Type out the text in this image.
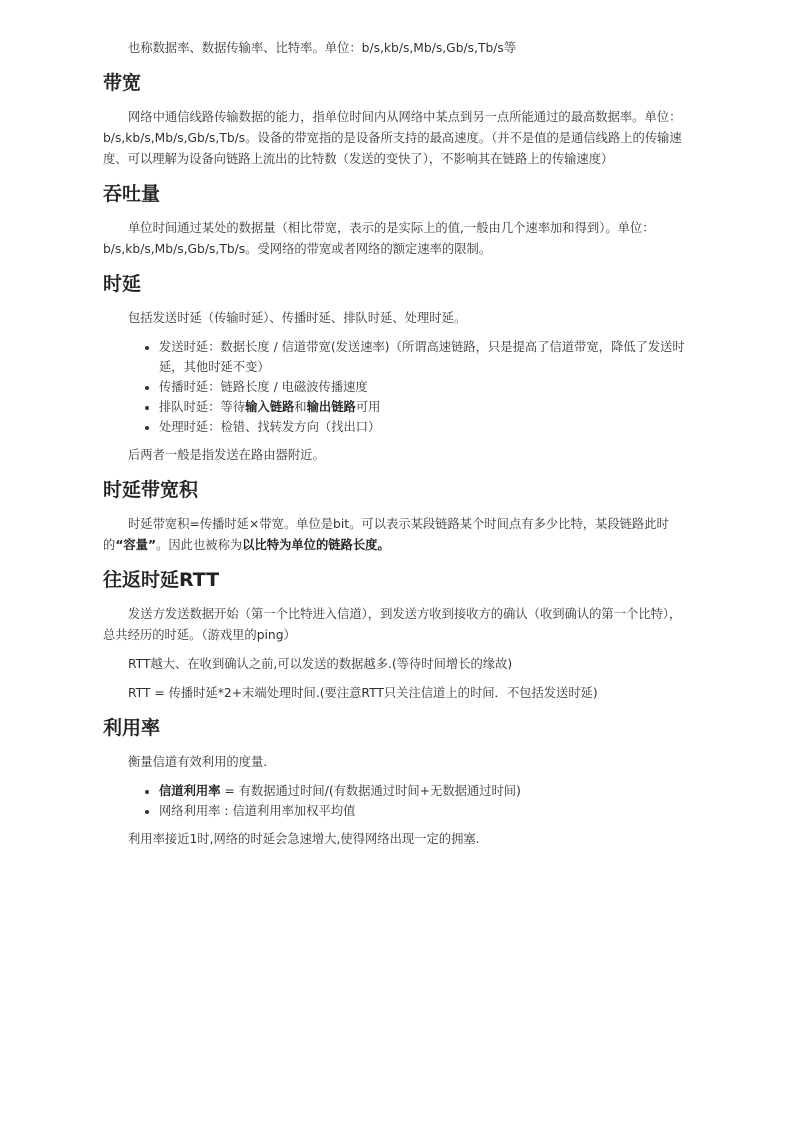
也称数据率、数据传输率、比特率。单位：b/s,kb/s,Mb/s,Gb/s,Tb/s等

带宽

网络中通信线路传输数据的能力，指单位时间内从网络中某点到另一点所能通过的最高数据率。单位：b/s,kb/s,Mb/s,Gb/s,Tb/s。设备的带宽指的是设备所支持的最高速度。（并不是值的是通信线路上的传输速度、可以理解为设备向链路上流出的比特数（发送的变快了），不影响其在链路上的传输速度）

吞吐量

单位时间通过某处的数据量（相比带宽，表示的是实际上的值,一般由几个速率加和得到）。单位：b/s,kb/s,Mb/s,Gb/s,Tb/s。受网络的带宽或者网络的额定速率的限制。

时延

包括发送时延（传输时延）、传播时延、排队时延、处理时延。

• 发送时延：数据长度 / 信道带宽(发送速率)（所谓高速链路，只是提高了信道带宽，降低了发送时延，其他时延不变）
• 传播时延：链路长度 / 电磁波传播速度
• 排队时延：等待输入链路和输出链路可用
• 处理时延：检错、找转发方向（找出口）

后两者一般是指发送在路由器附近。

时延带宽积

时延带宽积=传播时延×带宽。单位是bit。可以表示某段链路某个时间点有多少比特，某段链路此时的“容量”。因此也被称为以比特为单位的链路长度。

往返时延RTT

发送方发送数据开始（第一个比特进入信道），到发送方收到接收方的确认（收到确认的第一个比特），总共经历的时延。（游戏里的ping）

RTT越大、在收到确认之前,可以发送的数据越多.(等待时间增长的缘故)

RTT = 传播时延*2+末端处理时间.(要注意RTT只关注信道上的时间．不包括发送时延)

利用率

衡量信道有效利用的度量.

• 信道利用率 = 有数据通过时间/(有数据通过时间+无数据通过时间)
• 网络利用率 : 信道利用率加权平均值

利用率接近1时,网络的时延会急速增大,使得网络出现一定的拥塞.
